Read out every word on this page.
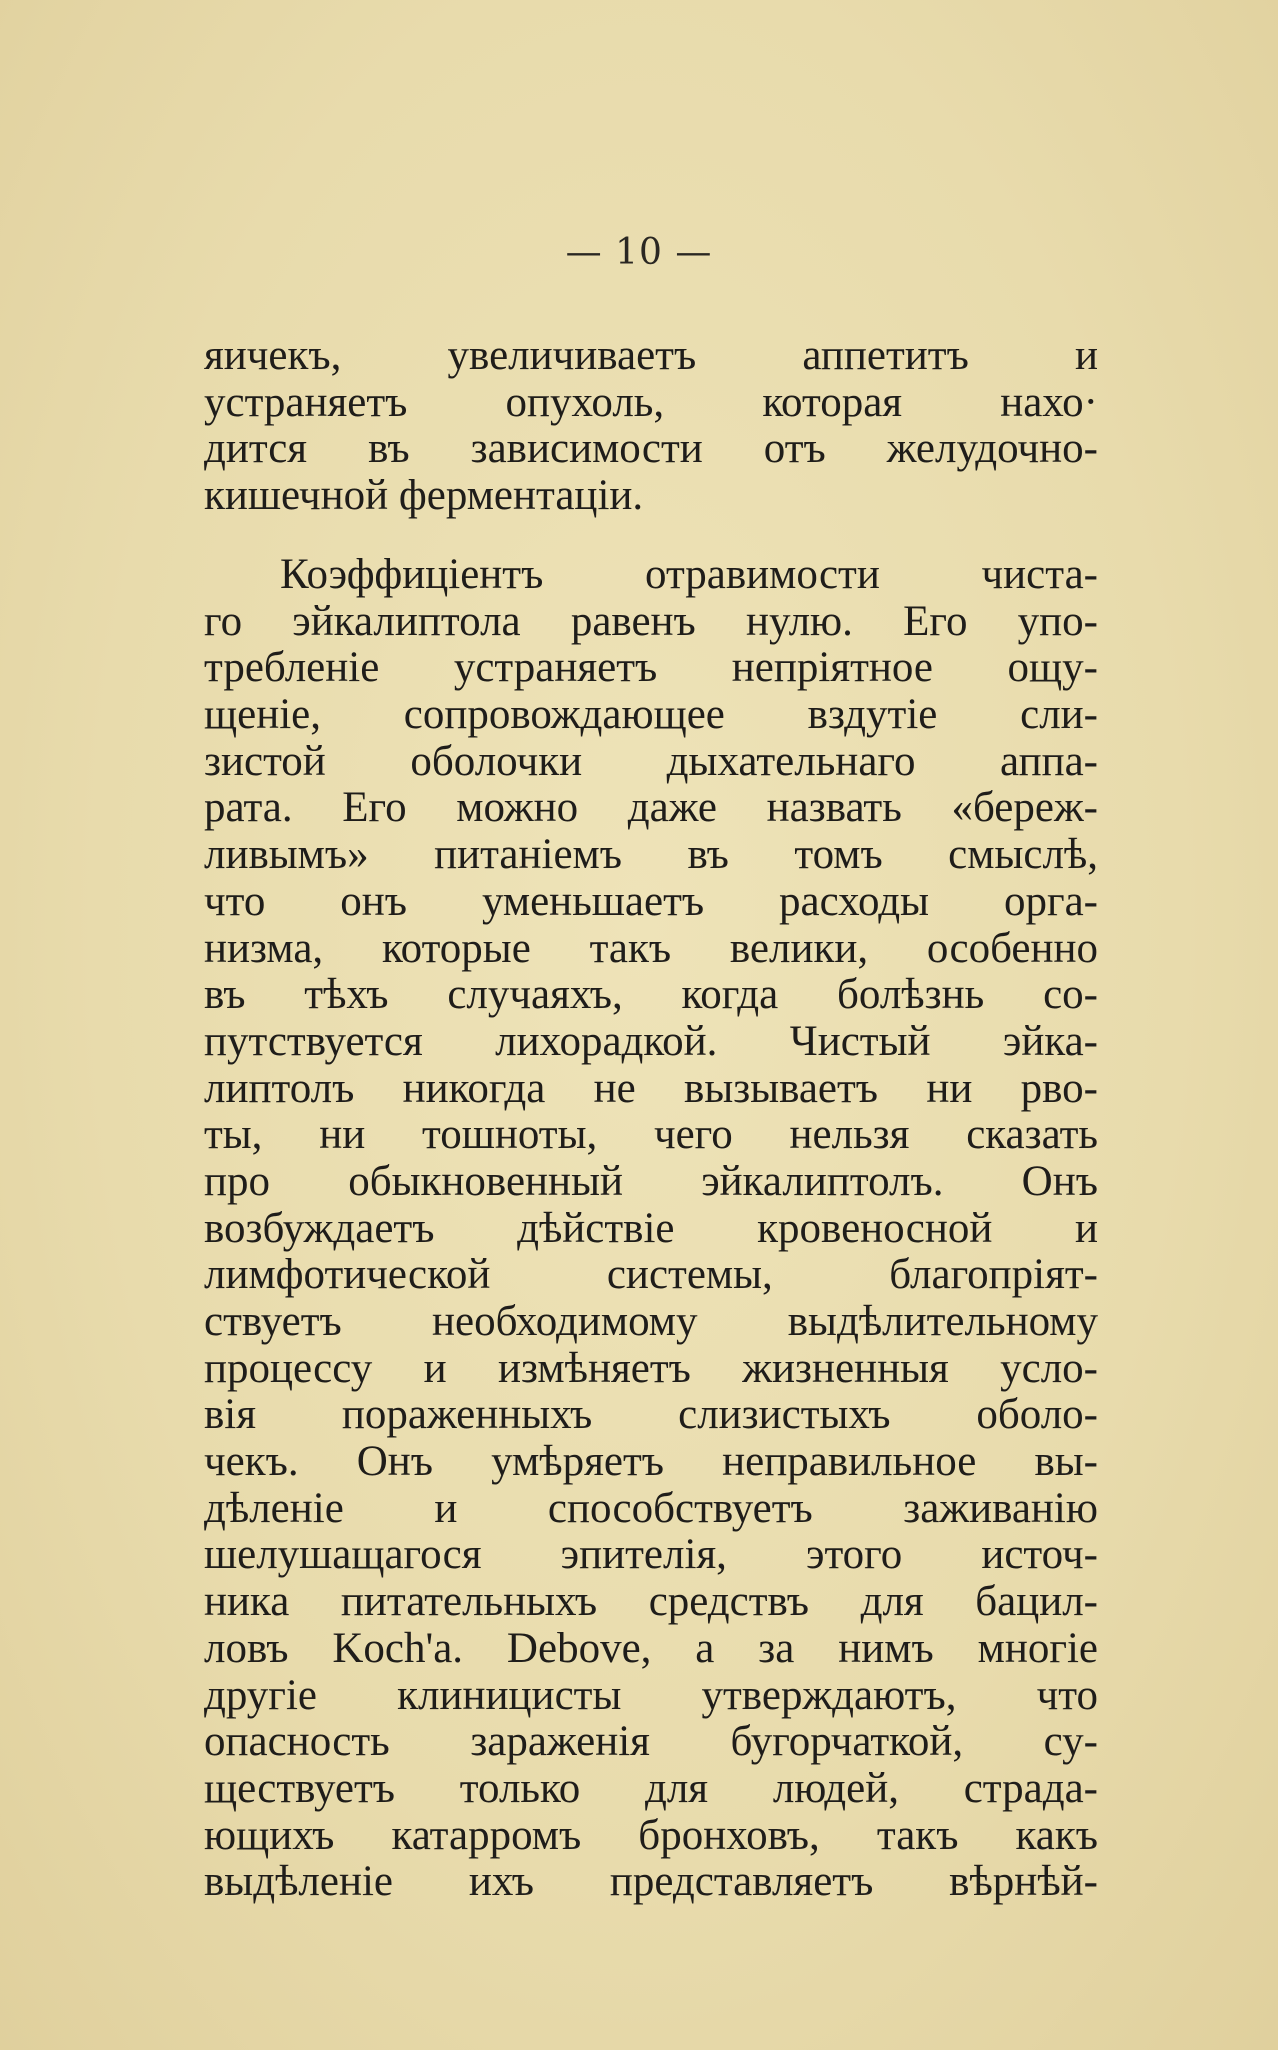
— 10 —
яичекъ, увеличиваетъ аппетитъ и
устраняетъ опухоль, которая нахо·
дится въ зависимости отъ желудочно-
кишечной ферментаціи.
Коэффиціентъ отравимости чиста-
го эйкалиптола равенъ нулю. Его упо-
требленіе устраняетъ непріятное ощу-
щеніе, сопровождающее вздутіе сли-
зистой оболочки дыхательнаго аппа-
рата. Его можно даже назвать «береж-
ливымъ» питаніемъ въ томъ смыслѣ,
что онъ уменьшаетъ расходы орга-
низма, которые такъ велики, особенно
въ тѣхъ случаяхъ, когда болѣзнь со-
путствуется лихорадкой. Чистый эйка-
липтолъ никогда не вызываетъ ни рво-
ты, ни тошноты, чего нельзя сказать
про обыкновенный эйкалиптолъ. Онъ
возбуждаетъ дѣйствіе кровеносной и
лимфотической системы, благопріят-
ствуетъ необходимому выдѣлительному
процессу и измѣняетъ жизненныя усло-
вія пораженныхъ слизистыхъ оболо-
чекъ. Онъ умѣряетъ неправильное вы-
дѣленіе и способствуетъ заживанію
шелушащагося эпителія, этого источ-
ника питательныхъ средствъ для бацил-
ловъ Koch'a. Debove, а за нимъ многіе
другіе клиницисты утверждаютъ, что
опасность зараженія бугорчаткой, су-
ществуетъ только для людей, страда-
ющихъ катарромъ бронховъ, такъ какъ
выдѣленіе ихъ представляетъ вѣрнѣй-
